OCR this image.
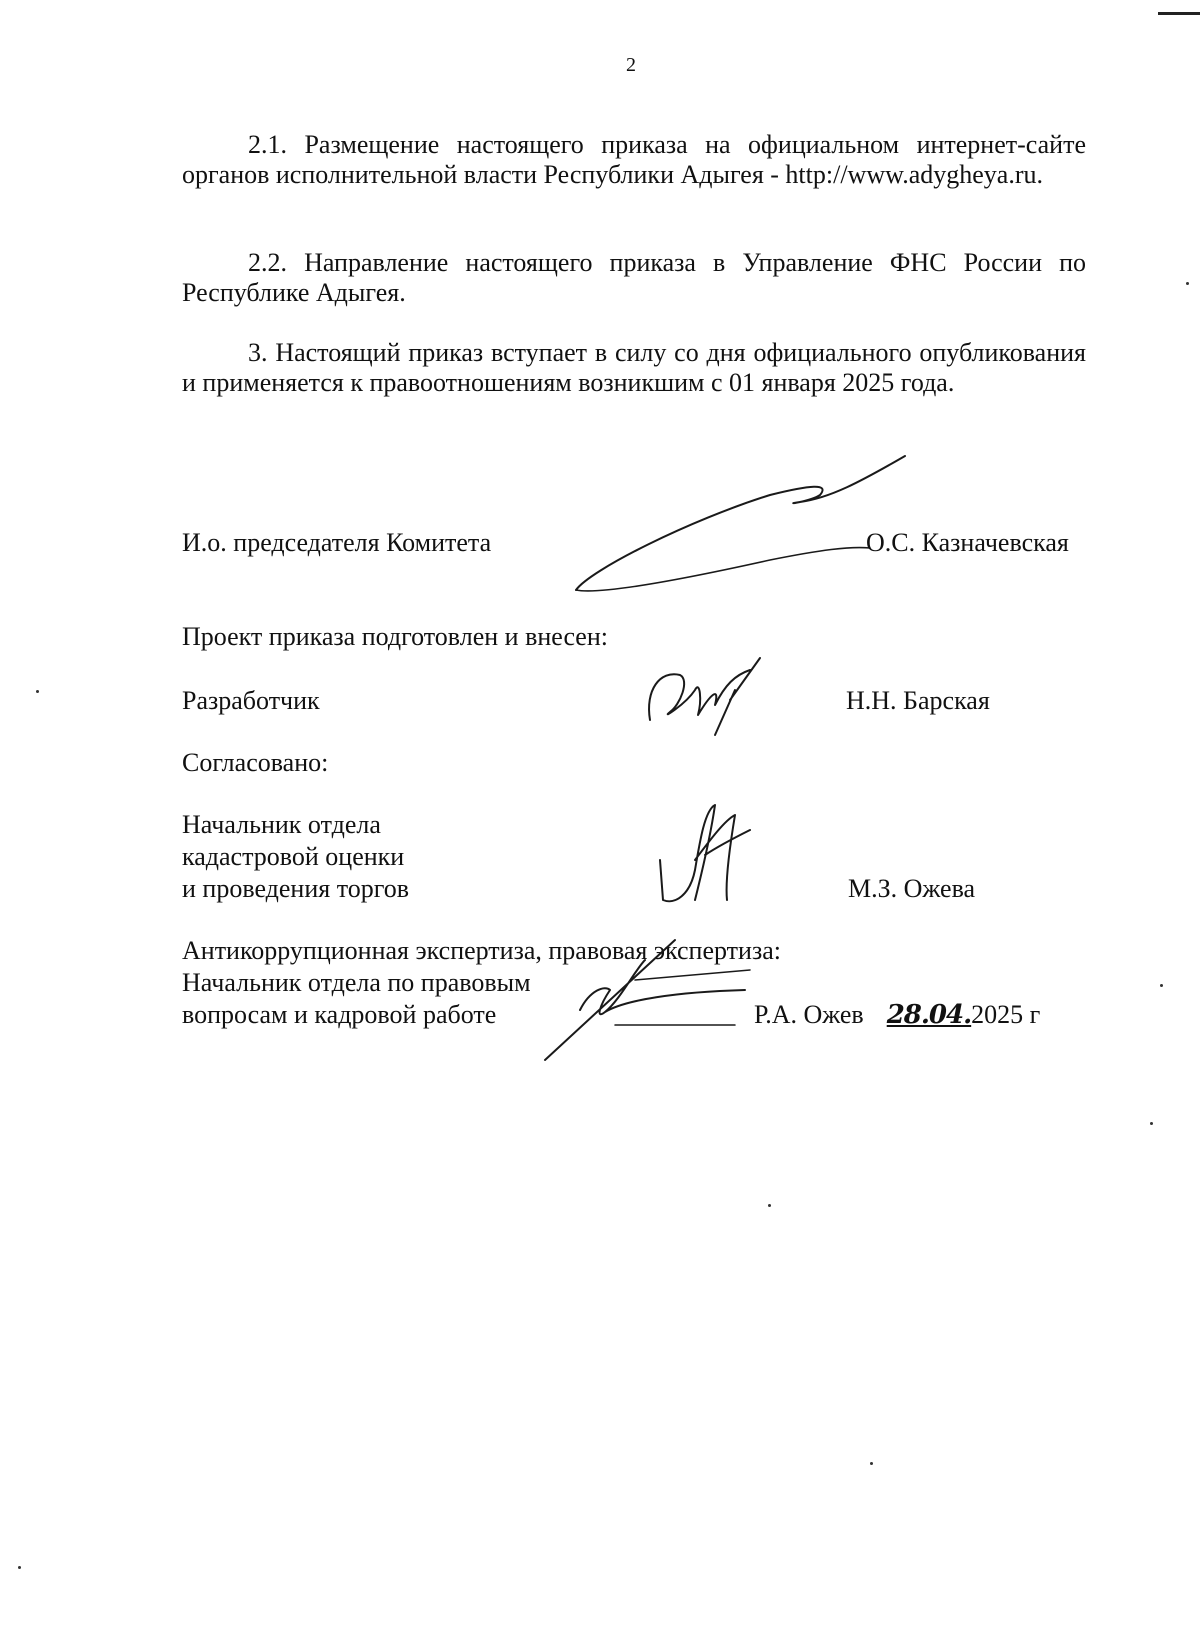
2
2.1. Размещение настоящего приказа на официальном интернет-сайте органов исполнительной власти Республики Адыгея - http://www.adygheya.ru.
2.2. Направление настоящего приказа в Управление ФНС России по Республике Адыгея.
3. Настоящий приказ вступает в силу со дня официального опубликования и применяется к правоотношениям возникшим с 01 января 2025 года.
И.о. председателя Комитета	О.С. Казначевская
Проект приказа подготовлен и внесен:
Разработчик	Н.Н. Барская
Согласовано:
Начальник отдела
кадастровой оценки
и проведения торгов	М.З. Ожева
Антикоррупционная экспертиза, правовая экспертиза:
Начальник отдела по правовым
вопросам и кадровой работе	Р.А. Ожев 28.04.2025 г
